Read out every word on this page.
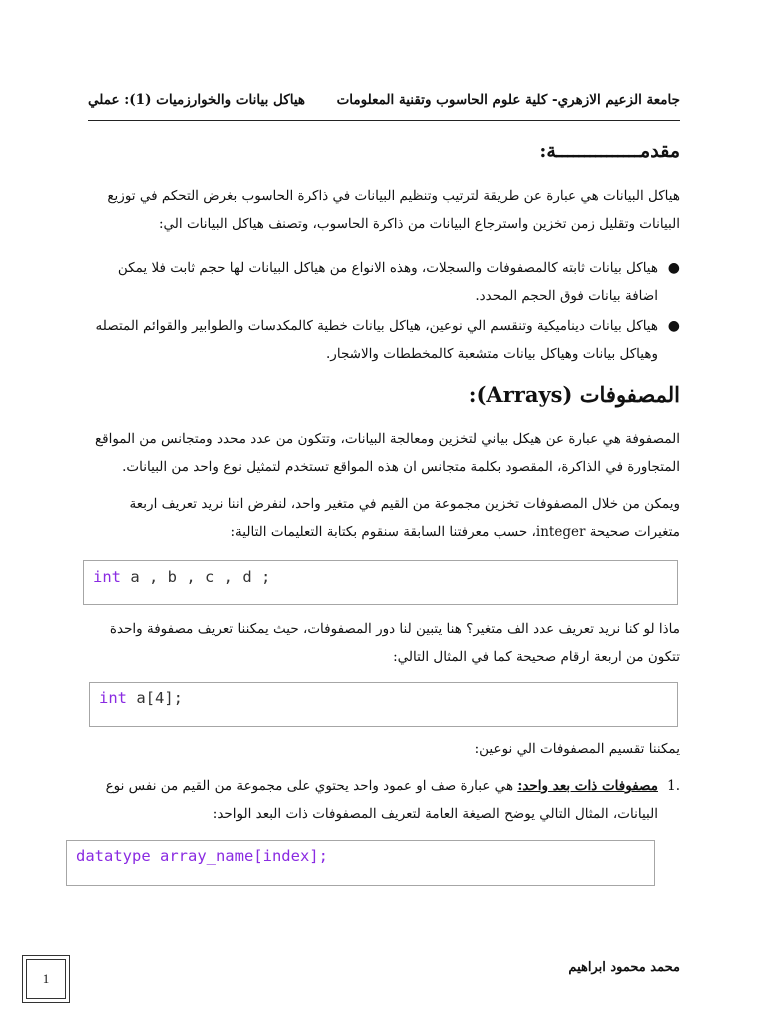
جامعة الزعيم الازهري- كلية علوم الحاسوب وتقنية المعلومات
هياكل بيانات والخوارزميات (1): عملي
مقدمـــــــــــــــة:
هياكل البيانات هي عبارة عن طريقة لترتيب وتنظيم البيانات في ذاكرة الحاسوب بغرض التحكم في توزيع البيانات وتقليل زمن تخزين واسترجاع البيانات من ذاكرة الحاسوب، وتصنف هياكل البيانات الي:
●
هياكل بيانات ثابته كالمصفوفات والسجلات، وهذه الانواع من هياكل البيانات لها حجم ثابت فلا يمكن اضافة بيانات فوق الحجم المحدد.
●
هياكل بيانات ديناميكية وتنقسم الي نوعين، هياكل بيانات خطية كالمكدسات والطوابير والقوائم المتصله وهياكل بيانات وهياكل بيانات متشعبة كالمخططات والاشجار.
المصفوفات (Arrays):
المصفوفة هي عبارة عن هيكل بياني لتخزين ومعالجة البيانات، وتتكون من عدد محدد ومتجانس من المواقع المتجاورة في الذاكرة، المقصود بكلمة متجانس ان هذه المواقع تستخدم لتمثيل نوع واحد من البيانات.
ويمكن من خلال المصفوفات تخزين مجموعة من القيم في متغير واحد، لنفرض اننا نريد تعريف اربعة متغيرات صحيحة integer، حسب معرفتنا السابقة سنقوم بكتابة التعليمات التالية:
int a , b , c , d ;
ماذا لو كنا نريد تعريف عدد الف متغير؟ هنا يتبين لنا دور المصفوفات، حيث يمكننا تعريف مصفوفة واحدة تتكون من اربعة ارقام صحيحة كما في المثال التالي:
int a[4];
يمكننا تقسيم المصفوفات الي نوعين:
.1
مصفوفات ذات بعد واحد: هي عبارة صف او عمود واحد يحتوي على مجموعة من القيم من نفس نوع البيانات، المثال التالي يوضح الصيغة العامة لتعريف المصفوفات ذات البعد الواحد:
datatype array_name[index];
1
محمد محمود ابراهيم
